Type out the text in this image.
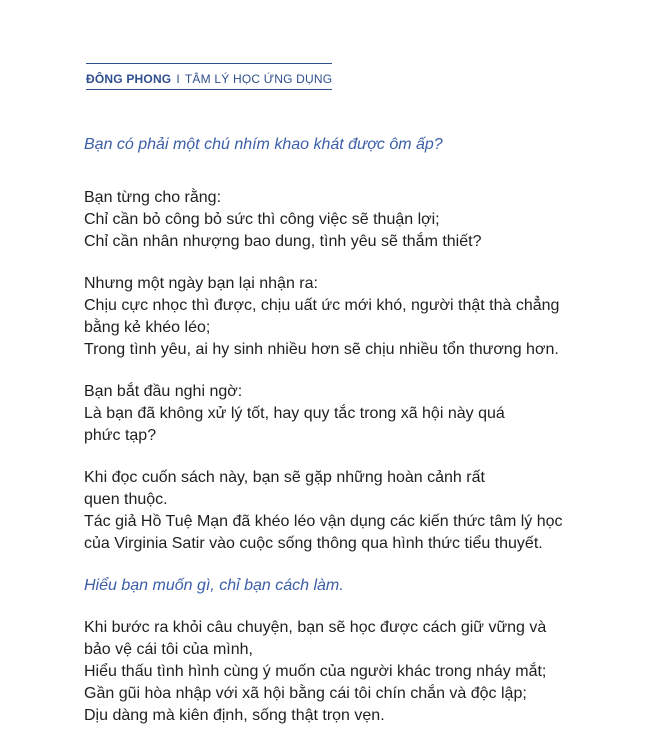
ĐÔNG PHONG I TÂM LÝ HỌC ỨNG DỤNG
Bạn có phải một chú nhím khao khát được ôm ấp?
Bạn từng cho rằng:
Chỉ cần bỏ công bỏ sức thì công việc sẽ thuận lợi;
Chỉ cần nhân nhượng bao dung, tình yêu sẽ thắm thiết?
Nhưng một ngày bạn lại nhận ra:
Chịu cực nhọc thì được, chịu uất ức mới khó, người thật thà chẳng
bằng kẻ khéo léo;
Trong tình yêu, ai hy sinh nhiều hơn sẽ chịu nhiều tổn thương hơn.
Bạn bắt đầu nghi ngờ:
Là bạn đã không xử lý tốt, hay quy tắc trong xã hội này quá
phức tạp?
Khi đọc cuốn sách này, bạn sẽ gặp những hoàn cảnh rất
quen thuộc.
Tác giả Hồ Tuệ Mạn đã khéo léo vận dụng các kiến thức tâm lý học
của Virginia Satir vào cuộc sống thông qua hình thức tiểu thuyết.
Hiểu bạn muốn gì, chỉ bạn cách làm.
Khi bước ra khỏi câu chuyện, bạn sẽ học được cách giữ vững và
bảo vệ cái tôi của mình,
Hiểu thấu tình hình cùng ý muốn của người khác trong nháy mắt;
Gần gũi hòa nhập với xã hội bằng cái tôi chín chắn và độc lập;
Dịu dàng mà kiên định, sống thật trọn vẹn.
